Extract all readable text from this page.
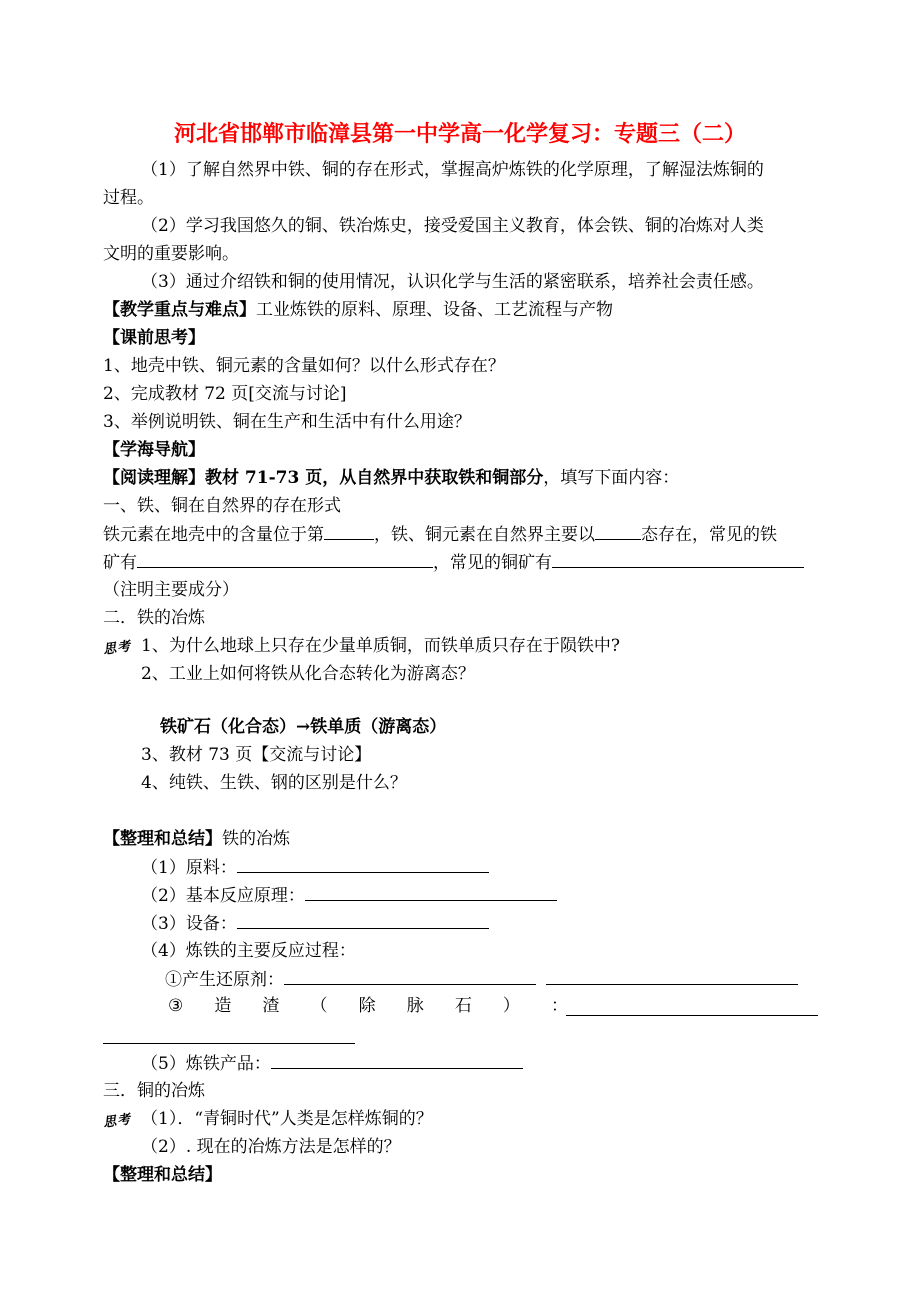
河北省邯郸市临漳县第一中学高一化学复习：专题三（二）
（1）了解自然界中铁、铜的存在形式，掌握高炉炼铁的化学原理，了解湿法炼铜的
过程。
（2）学习我国悠久的铜、铁冶炼史，接受爱国主义教育，体会铁、铜的冶炼对人类
文明的重要影响。
（3）通过介绍铁和铜的使用情况，认识化学与生活的紧密联系，培养社会责任感。
【教学重点与难点】工业炼铁的原料、原理、设备、工艺流程与产物
【课前思考】
1、地壳中铁、铜元素的含量如何？以什么形式存在？
2、完成教材 72 页[交流与讨论]
3、举例说明铁、铜在生产和生活中有什么用途？
【学海导航】
【阅读理解】教材 71-73 页，从自然界中获取铁和铜部分，填写下面内容：
一、铁、铜在自然界的存在形式
铁元素在地壳中的含量位于第	，铁、铜元素在自然界主要以	态存在，常见的铁
矿有	，常见的铜矿有
（注明主要成分）
二．铁的冶炼
思考 1、为什么地球上只存在少量单质铜，而铁单质只存在于陨铁中?
2、工业上如何将铁从化合态转化为游离态？
铁矿石（化合态）→铁单质（游离态）
3、教材 73 页【交流与讨论】
4、纯铁、生铁、钢的区别是什么？
【整理和总结】铁的冶炼
（1）原料：
（2）基本反应原理：
（3）设备：
（4）炼铁的主要反应过程：
①产生还原剂：
③ 造 渣 （ 除 脉 石 ） ：
（5）炼铁产品：
三．铜的冶炼
思考 （1）．“青铜时代”人类是怎样炼铜的？
（2）. 现在的冶炼方法是怎样的？
【整理和总结】
